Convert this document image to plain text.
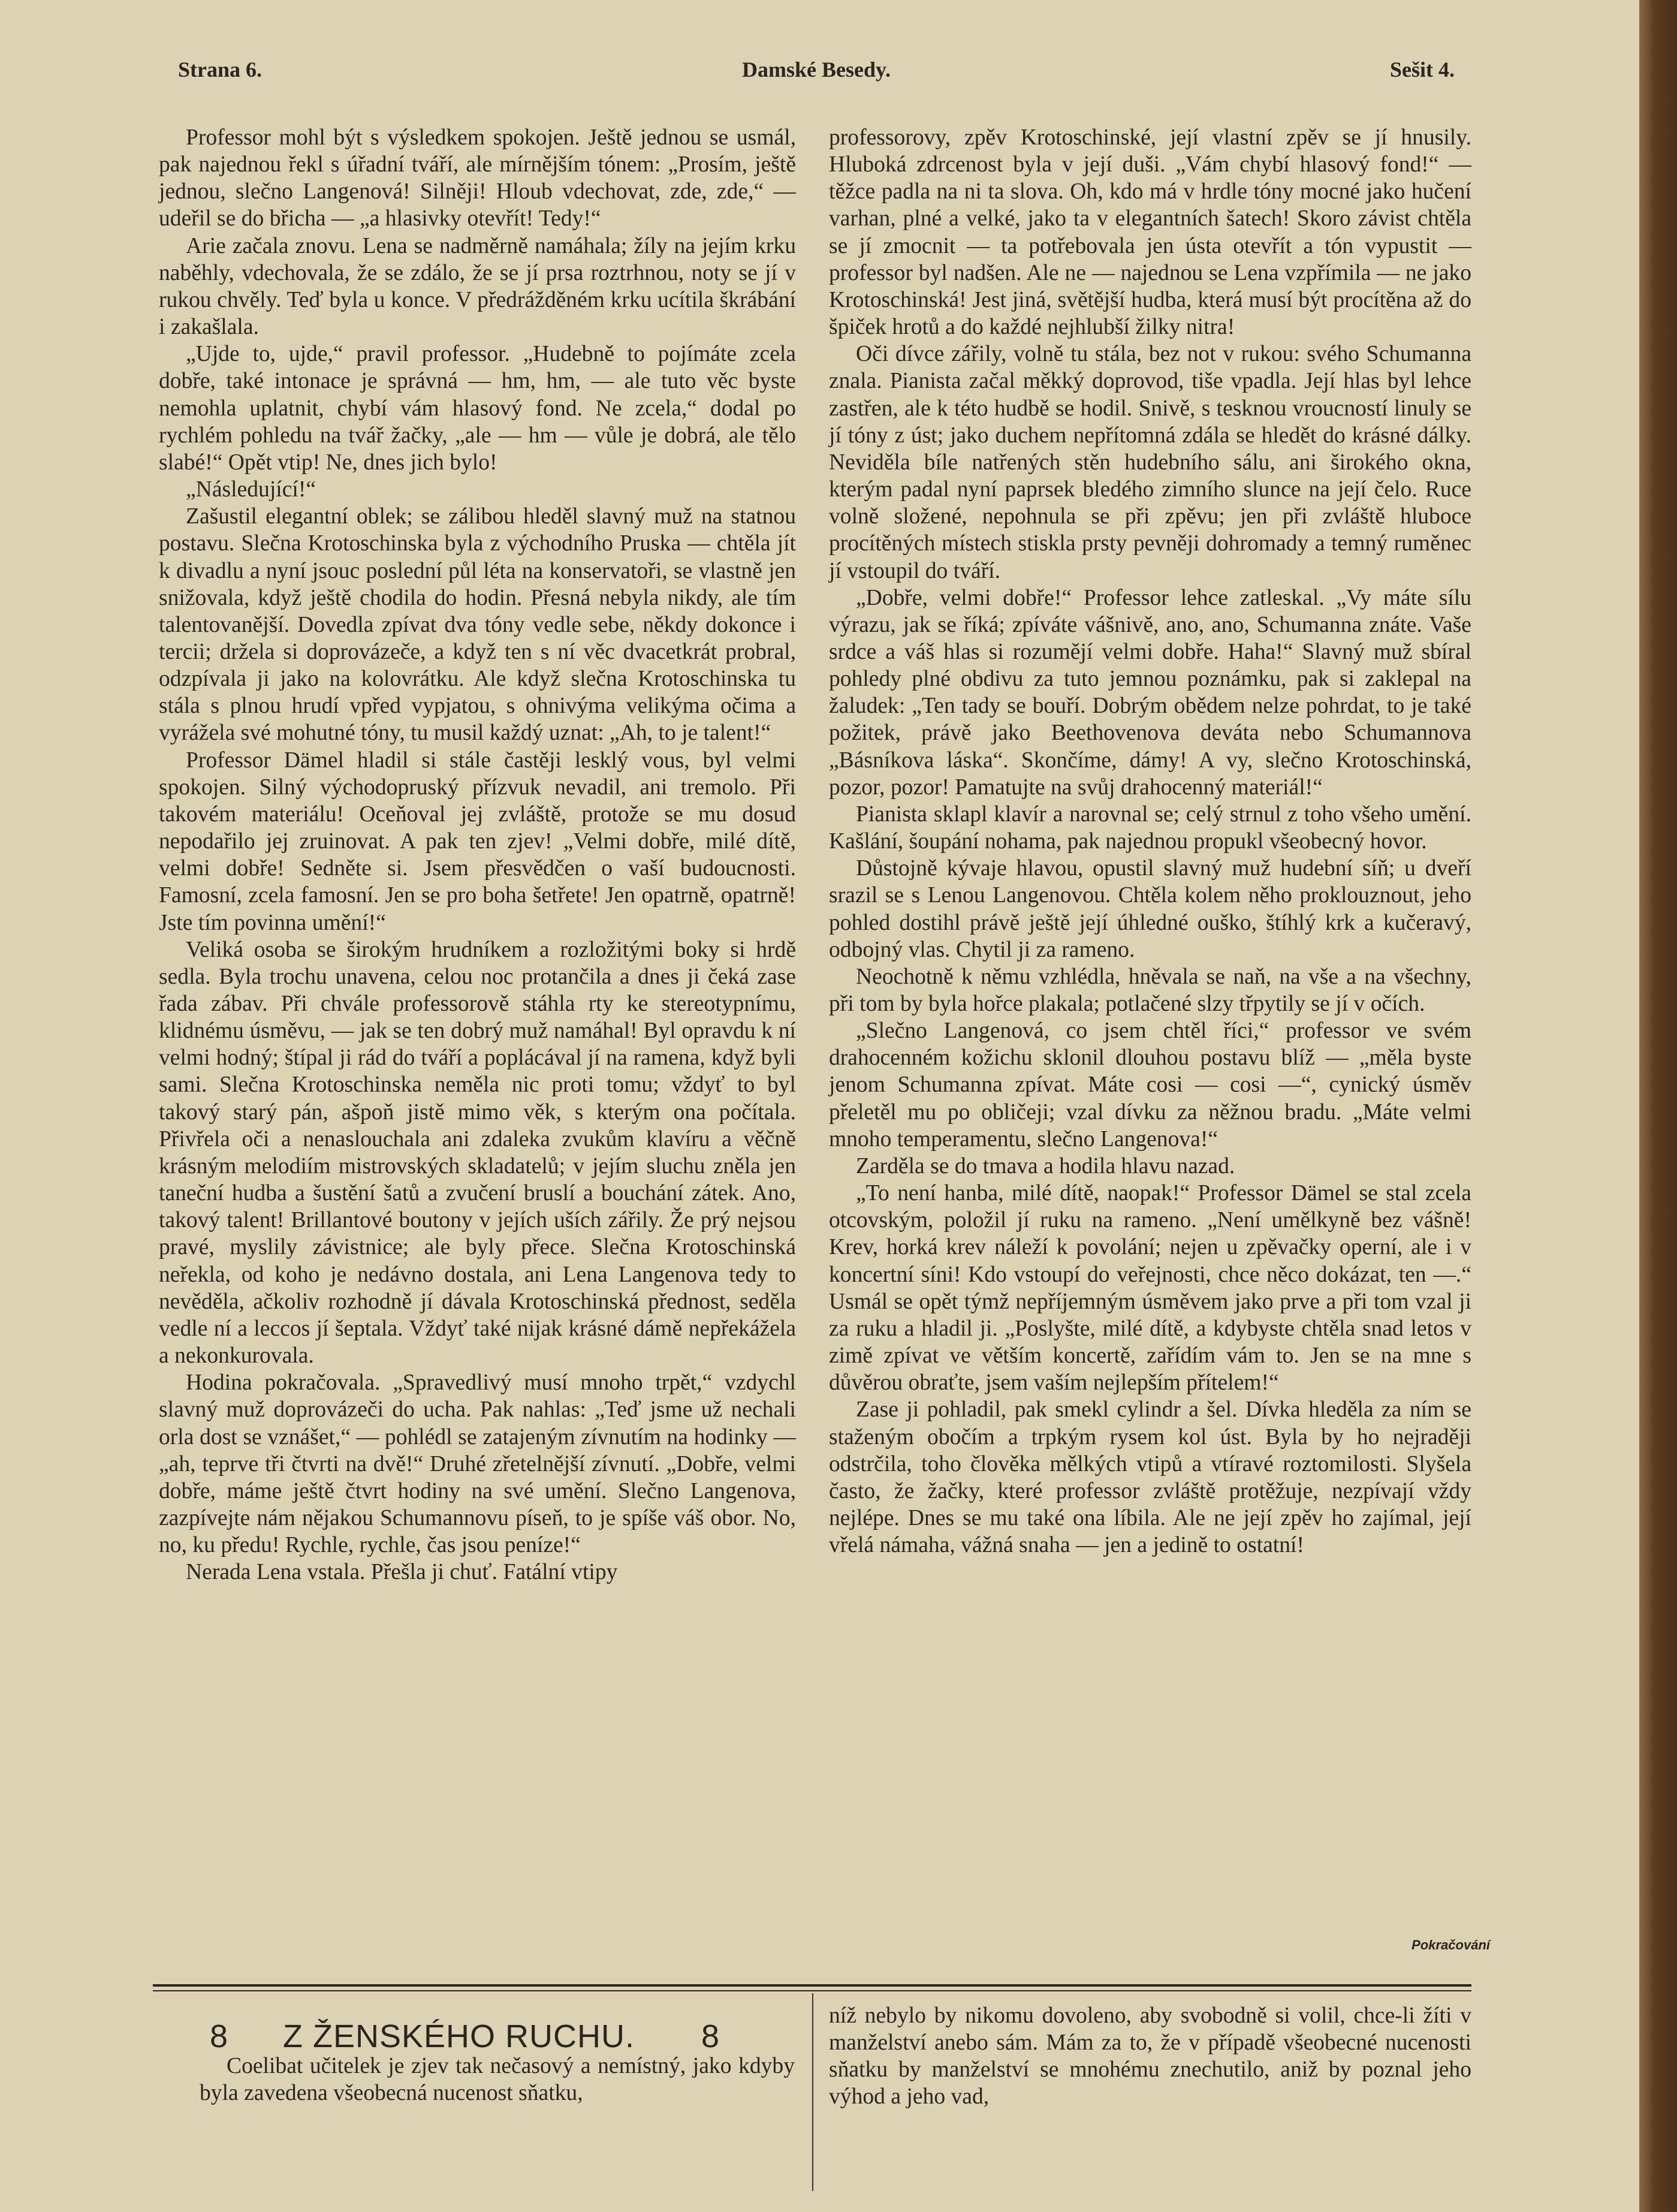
Strana 6.	Damské Besedy.	Sešit 4.

Professor mohl být s výsledkem spokojen. Ještě jednou se usmál, pak najednou řekl s úřadní tváří, ale mírnějším tónem: „Prosím, ještě jednou, slečno Langenová! Silněji! Hloub vdechovat, zde, zde,“ — udeřil se do břicha — „a hlasivky otevřít! Tedy!“

Arie začala znovu. Lena se nadměrně namáhala; žíly na jejím krku naběhly, vdechovala, že se zdálo, že se jí prsa roztrhnou, noty se jí v rukou chvěly. Teď byla u konce. V předrážděném krku ucítila škrábání i zakašlala.

„Ujde to, ujde,“ pravil professor. „Hudebně to pojímáte zcela dobře, také intonace je správná — hm, hm, — ale tuto věc byste nemohla uplatnit, chybí vám hlasový fond. Ne zcela,“ dodal po rychlém pohledu na tvář žačky, „ale — hm — vůle je dobrá, ale tělo slabé!“ Opět vtip! Ne, dnes jich bylo!

„Následující!“

Zašustil elegantní oblek; se zálibou hleděl slavný muž na statnou postavu. Slečna Krotoschinska byla z východního Pruska — chtěla jít k divadlu a nyní jsouc poslední půl léta na konservatoři, se vlastně jen snižovala, když ještě chodila do hodin. Přesná nebyla nikdy, ale tím talentovanější. Dovedla zpívat dva tóny vedle sebe, někdy dokonce i tercii; držela si doprovázeče, a když ten s ní věc dvacetkrát probral, odzpívala ji jako na kolovrátku. Ale když slečna Krotoschinska tu stála s plnou hrudí vpřed vypjatou, s ohnivýma velikýma očima a vyrážela své mohutné tóny, tu musil každý uznat: „Ah, to je talent!“

Professor Dämel hladil si stále častěji lesklý vous, byl velmi spokojen. Silný východopruský přízvuk nevadil, ani tremolo. Při takovém materiálu! Oceňoval jej zvláště, protože se mu dosud nepodařilo jej zruinovat. A pak ten zjev! „Velmi dobře, milé dítě, velmi dobře! Sedněte si. Jsem přesvědčen o vaší budoucnosti. Famosní, zcela famosní. Jen se pro boha šetřete! Jen opatrně, opatrně! Jste tím povinna umění!“

Veliká osoba se širokým hrudníkem a rozložitými boky si hrdě sedla. Byla trochu unavena, celou noc protančila a dnes ji čeká zase řada zábav. Při chvále professorově stáhla rty ke stereotypnímu, klidnému úsměvu, — jak se ten dobrý muž namáhal! Byl opravdu k ní velmi hodný; štípal ji rád do tváří a poplácával jí na ramena, když byli sami. Slečna Krotoschinska neměla nic proti tomu; vždyť to byl takový starý pán, ašpoň jistě mimo věk, s kterým ona počítala. Přivřela oči a nenaslouchala ani zdaleka zvukům klavíru a věčně krásným melodiím mistrovských skladatelů; v jejím sluchu zněla jen taneční hudba a šustění šatů a zvučení bruslí a bouchání zátek. Ano, takový talent! Brillantové boutony v jejích uších zářily. Že prý nejsou pravé, myslily závistnice; ale byly přece. Slečna Krotoschinská neřekla, od koho je nedávno dostala, ani Lena Langenova tedy to nevěděla, ačkoliv rozhodně jí dávala Krotoschinská přednost, seděla vedle ní a leccos jí šeptala. Vždyť také nijak krásné dámě nepřekážela a nekonkurovala.

Hodina pokračovala. „Spravedlivý musí mnoho trpět,“ vzdychl slavný muž doprovázeči do ucha. Pak nahlas: „Teď jsme už nechali orla dost se vznášet,“ — pohlédl se zatajeným zívnutím na hodinky — „ah, teprve tři čtvrti na dvě!“ Druhé zřetelnější zívnutí. „Dobře, velmi dobře, máme ještě čtvrt hodiny na své umění. Slečno Langenova, zazpívejte nám nějakou Schumannovu píseň, to je spíše váš obor. No, no, ku předu! Rychle, rychle, čas jsou peníze!“

Nerada Lena vstala. Přešla ji chuť. Fatální vtipy

professorovy, zpěv Krotoschinské, její vlastní zpěv se jí hnusily. Hluboká zdrcenost byla v její duši. „Vám chybí hlasový fond!“ — těžce padla na ni ta slova. Oh, kdo má v hrdle tóny mocné jako hučení varhan, plné a velké, jako ta v elegantních šatech! Skoro závist chtěla se jí zmocnit — ta potřebovala jen ústa otevřít a tón vypustit — professor byl nadšen. Ale ne — najednou se Lena vzpřímila — ne jako Krotoschinská! Jest jiná, světější hudba, která musí být procítěna až do špiček hrotů a do každé nejhlubší žilky nitra!

Oči dívce zářily, volně tu stála, bez not v rukou: svého Schumanna znala. Pianista začal měkký doprovod, tiše vpadla. Její hlas byl lehce zastřen, ale k této hudbě se hodil. Snivě, s tesknou vroucností linuly se jí tóny z úst; jako duchem nepřítomná zdála se hledět do krásné dálky. Neviděla bíle natřených stěn hudebního sálu, ani širokého okna, kterým padal nyní paprsek bledého zimního slunce na její čelo. Ruce volně složené, nepohnula se při zpěvu; jen při zvláště hluboce procítěných místech stiskla prsty pevněji dohromady a temný ruměnec jí vstoupil do tváří.

„Dobře, velmi dobře!“ Professor lehce zatleskal. „Vy máte sílu výrazu, jak se říká; zpíváte vášnivě, ano, ano, Schumanna znáte. Vaše srdce a váš hlas si rozumějí velmi dobře. Haha!“ Slavný muž sbíral pohledy plné obdivu za tuto jemnou poznámku, pak si zaklepal na žaludek: „Ten tady se bouří. Dobrým obědem nelze pohrdat, to je také požitek, právě jako Beethovenova deváta nebo Schumannova „Básníkova láska“. Skončíme, dámy! A vy, slečno Krotoschinská, pozor, pozor! Pamatujte na svůj drahocenný materiál!“

Pianista sklapl klavír a narovnal se; celý strnul z toho všeho umění. Kašlání, šoupání nohama, pak najednou propukl všeobecný hovor.

Důstojně kývaje hlavou, opustil slavný muž hudební síň; u dveří srazil se s Lenou Langenovou. Chtěla kolem něho proklouznout, jeho pohled dostihl právě ještě její úhledné ouško, štíhlý krk a kučeravý, odbojný vlas. Chytil ji za rameno.

Neochotně k němu vzhlédla, hněvala se naň, na vše a na všechny, při tom by byla hořce plakala; potlačené slzy třpytily se jí v očích.

„Slečno Langenová, co jsem chtěl říci,“ professor ve svém drahocenném kožichu sklonil dlouhou postavu blíž — „měla byste jenom Schumanna zpívat. Máte cosi — cosi —“, cynický úsměv přeletěl mu po obličeji; vzal dívku za něžnou bradu. „Máte velmi mnoho temperamentu, slečno Langenova!“

Zarděla se do tmava a hodila hlavu nazad.

„To není hanba, milé dítě, naopak!“ Professor Dämel se stal zcela otcovským, položil jí ruku na rameno. „Není umělkyně bez vášně! Krev, horká krev náleží k povolání; nejen u zpěvačky operní, ale i v koncertní síni! Kdo vstoupí do veřejnosti, chce něco dokázat, ten —.“ Usmál se opět týmž nepříjemným úsměvem jako prve a při tom vzal ji za ruku a hladil ji. „Poslyšte, milé dítě, a kdybyste chtěla snad letos v zimě zpívat ve větším koncertě, zařídím vám to. Jen se na mne s důvěrou obraťte, jsem vaším nejlepším přítelem!“

Zase ji pohladil, pak smekl cylindr a šel. Dívka hleděla za ním se staženým obočím a trpkým rysem kol úst. Byla by ho nejraději odstrčila, toho člověka mělkých vtipů a vtíravé roztomilosti. Slyšela často, že žačky, které professor zvláště protěžuje, nezpívají vždy nejlépe. Dnes se mu také ona líbila. Ale ne její zpěv ho zajímal, její vřelá námaha, vážná snaha — jen a jedině to ostatní!

Pokračování
8 Z ŽENSKÉHO RUCHU. 8

Coelibat učitelek je zjev tak nečasový a nemístný, jako kdyby byla zavedena všeobecná nucenost sňatku,

níž nebylo by nikomu dovoleno, aby svobodně si volil, chce-li žíti v manželství anebo sám. Mám za to, že v případě všeobecné nucenosti sňatku by manželství se mnohému znechutilo, aniž by poznal jeho výhod a jeho vad,
